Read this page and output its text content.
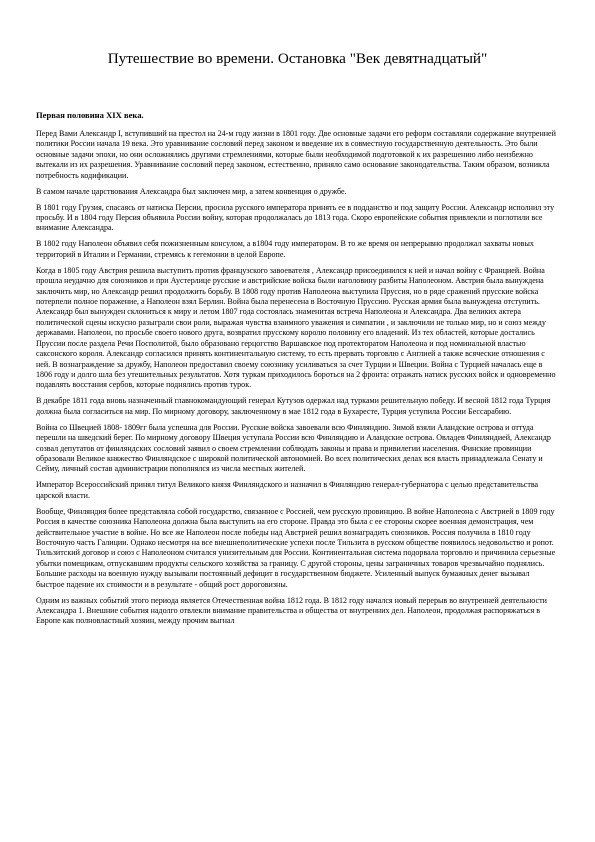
Путешествие во времени. Остановка "Век девятнадцатый"
Первая половина XIX века.

Перед Вами Александр I, вступивший на престол на 24-м году жизни в 1801 году. Две основные задачи его реформ составляли содержание внутренней политики России начала 19 века. Это уравнивание сословий перед законом и введение их в совместную государственную деятельность. Это были основные задачи эпохи, но они осложнялись другими стремлениями, которые были необходимой подготовкой к их разрешению либо неизбежно вытекали из их разрешения. Уравнивание сословий перед законом, естественно, приняло само основание законодательства. Таким образом, возникла потребность кодификации.

В самом начале царствования Александра был заключен мир, а затем конвенция о дружбе.

В 1801 году Грузия, спасаясь от натиска Персии, просила русского императора принять ее в подданство и под защиту России. Александр исполнил эту просьбу. И в 1804 году Персия объявила России войну, которая продолжалась до 1813 года. Скоро европейские события привлекли и поглотили все внимание Александра.

В 1802 году Наполеон объявил себя пожизненным консулом, а в1804 году императором. В то же время он непрерывно продолжал захваты новых территорий в Италии и Германии, стремясь к гегемонии в целой Европе.

Когда в 1805 году Австрия решила выступить против французского завоевателя , Александр присоединился к ней и начал войну с Францией. Война прошла неудачно для союзников и при Аустерлице русские и австрийские войска были наголовину разбиты Наполеоном. Австрия была вынуждена заключить мир, но Александр решил продолжить борьбу. В 1808 году против Наполеона выступила Пруссия, но в ряде сражений прусские войска потерпели полное поражение, а Наполеон взял Берлин. Война была перенесена в Восточную Пруссию. Русская армия была вынуждена отступить. Александр был вынужден склониться к миру и летом 1807 года состоялась знаменитая встреча Наполеона и Александра. Два великих актера политической сцены искусно разыграли свои роли, выражая чувства взаимного уважения и симпатии , и заключили не только мир, но и союз между державами. Наполеон, по просьбе своего нового друга, возвратил прусскому королю половину его владений. Из тех областей, которые достались Пруссии после раздела Речи Посполитой, было образовано герцогство Варшавское под протекторатом Наполеона и под номинальной властью саксонского короля. Александр согласился принять континентальную систему, то есть прервать торговлю с Англией а также всяческие отношения с ней. В вознаграждение за дружбу, Наполеон предоставил своему союзнику усиливаться за счет Турции и Швеции. Война с Турцией началась еще в 1806 году и долго шла без утешительных результатов. Хотя туркам приходилось бороться на 2 фронта: отражать натиск русских войск и одновременно подавлять восстания сербов, которые поднялись против турок.

В декабре 1811 года вновь назначенный главнокомандующий генерал Кутузов одержал над турками решительную победу. И весной 1812 года Турция должна была согласиться на мир. По мирному договору, заключенному в мае 1812 года в Бухаресте, Турция уступила России Бессарабию.

Война со Швецией 1808- 1809гг была успешна для России. Русские войска завоевали всю Финляндию. Зимой взяли Аландские острова и оттуда перешли на шведский берег. По мирному договору Швеция уступала России всю Финляндию и Аландские острова. Овладев Финляндией, Александр созвал депутатов от финляндских сословий заявил о своем стремлении соблюдать законы и права и привилегии населения. Финские провинции образовали Великое княжество Финляндское с широкой политической автономией. Во всех политических делах вся власть принадлежала Сенату и Сейму, личный состав администрации пополнялся из числа местных жителей.

Император Всероссийский принял титул Великого князя Финляндского и назначил в Финляндию генерал-губернатора с целью представительства царской власти.

Вообще, Финляндия более представляла собой государство, связанное с Россией, чем русскую провинцию. В войне Наполеона с Австрией в 1809 году Россия в качестве союзника Наполеона должна была выступить на его стороне. Правда это была с ее стороны скорее военная демонстрация, чем действительное участие в войне. Но все же Наполеон после победы над Австрией решил вознаградить союзников. Россия получила в 1810 году Восточную часть Галиции. Однако несмотря на все внешнеполитические успехи после Тильзита в русском обществе появилось недовольство и ропот. Тильзитский договор и союз с Наполеоном считался унизительным для России. Континентальная система подорвала торговлю и причинила серьезные убытки помещикам, отпускавшим продукты сельского хозяйства за границу. С другой стороны, цены заграничных товаров чрезвычайно поднялись. Большие расходы на военную нужду вызывали постоянный дефицит в государственном бюджете. Усиленный выпуск бумажных денег вызывал быстрое падение их стоимости и в результате - общий рост дороговизны.

Одним из важных событий этого периода является Отечественная война 1812 года. В 1812 году начался новый перерыв во внутренней деятельности Александра 1. Внешние события надолго отвлекли внимание правительства и общества от внутренних дел. Наполеон, продолжая распоряжаться в Европе как полновластный хозяин, между прочим выгнал
